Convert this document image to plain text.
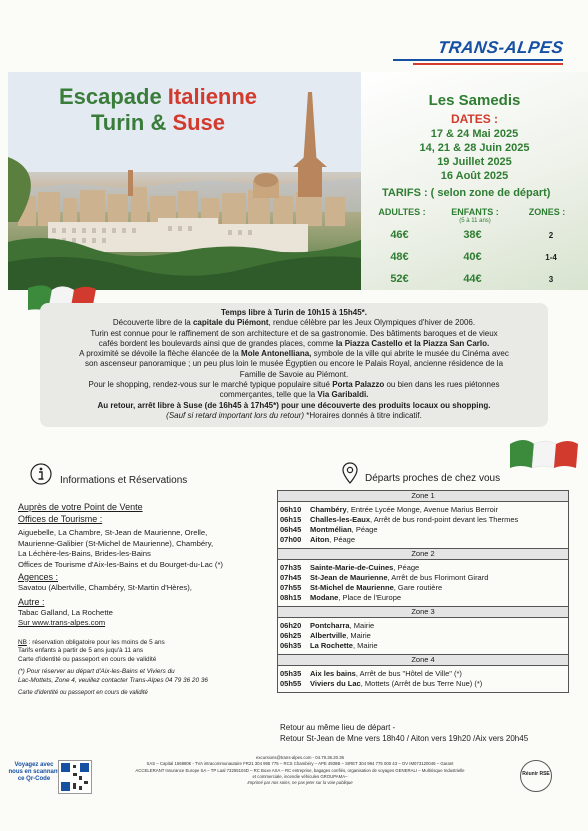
TRANS-ALPES
Escapade Italienne
Turin & Suse
Les Samedis
DATES :
17 & 24 Mai 2025
14, 21 & 28 Juin 2025
19 Juillet 2025
16 Août 2025
TARIFS : ( selon zone de départ)
ADULTES :	ENFANTS :
(5 à 11 ans)
ZONES :
46€	38€	2
48€	40€	1-4
52€	44€	3

Temps libre à Turin de 10h15 à 15h45*.

Découverte libre de la capitale du Piémont, rendue célèbre par les Jeux Olympiques d'hiver de 2006.

Turin est connue pour le raffinement de son architecture et de sa gastronomie. Des bâtiments baroques et de vieux

cafés bordent les boulevards ainsi que de grandes places, comme la Piazza Castello et la Piazza San Carlo.

A proximité se dévoile la flèche élancée de la Mole Antonelliana, symbole de la ville qui abrite le musée du Cinéma avec

son ascenseur panoramique ; un peu plus loin le musée Égyptien ou encore le Palais Royal, ancienne résidence de la

Famille de Savoie au Piémont.

Pour le shopping, rendez-vous sur le marché typique populaire situé Porta Palazzo ou bien dans les rues piétonnes

commerçantes, telle que la Via Garibaldi.

Au retour, arrêt libre à Suse (de 16h45 à 17h45*) pour une découverte des produits locaux ou shopping.

(Sauf si retard important lors du retour) *Horaires donnés à titre indicatif.

Informations et Réservations

Auprès de votre Point de Vente

Offices de Tourisme :

Aiguebelle, La Chambre, St-Jean de Maurienne, Orelle,

Maurienne-Galibier (St-Michel de Maurienne), Chambéry,

La Léchère-les-Bains, Brides-les-Bains

Offices de Tourisme d'Aix-les-Bains et du Bourget-du-Lac (*)

Agences :

Savatou (Albertville, Chambéry, St-Martin d'Hères),

Autre :

Tabac Galland, La Rochette

Sur www.trans-alpes.com

NB : réservation obligatoire pour les moins de 5 ans

Tarifs enfants à partir de 5 ans juqu'à 11 ans

Carte d'identité ou passeport en cours de validité

(*) Pour réserver au départ d'Aix-les-Bains et Viviers du

Lac-Mottets, Zone 4, veuillez contacter Trans-Alpes 04 79 36 20 36

Carte d'identité ou passeport en cours de validité

Départs proches de chez vous
Zone 1
06h10	Chambéry , Entrée Lycée Monge, Avenue Marius Berroir
06h15	Challes-les-Eaux , Arrêt de bus rond-point devant les Thermes
06h45	Montmélian , Péage
07h00	Aiton , Péage
Zone 2
07h35	Sainte-Marie-de-Cuines , Péage
07h45	St-Jean de Maurienne , Arrêt de bus Florimont Girard
07h55	St-Michel de Maurienne , Gare routière
08h15	Modane , Place de l'Europe
Zone 3
06h20	Pontcharra , Mairie
06h25	Albertville , Mairie
06h35	La Rochette , Mairie
Zone 4
05h35	Aix les bains , Arrêt de bus "Hôtel de Ville" (*)
05h55	Viviers du Lac , Mottets (Arrêt de bus Terre Nue) (*)

Retour au même lieu de départ -

Retour St-Jean de Mne vers 18h40 / Aiton vers 19h20 /Aix vers 20h45

Voyagez avec nous en scannant ce Qr-Code

excursions@trans-alpes.com - 04.79.36.20.36

SAS – Capital 156880€ - TVA intracommunautaire FR21 304 995 775 – RCS Chambéry – APE 4939B – SIRET 304 994 775 000 43 – OV IM073120046 – Garant

ACCELERANT Insurance Europe SA – TP Laal 73255104D – RC Boxe AXA – RC entreprise, bagages confiés, organisation de voyages GENERALI – Multirisque Industrielle

et commerciale, incendie véhicules GROUPAMA–

Imprimé par nos soins, ne pas jeter sur la voie publique

Réunir RSE
